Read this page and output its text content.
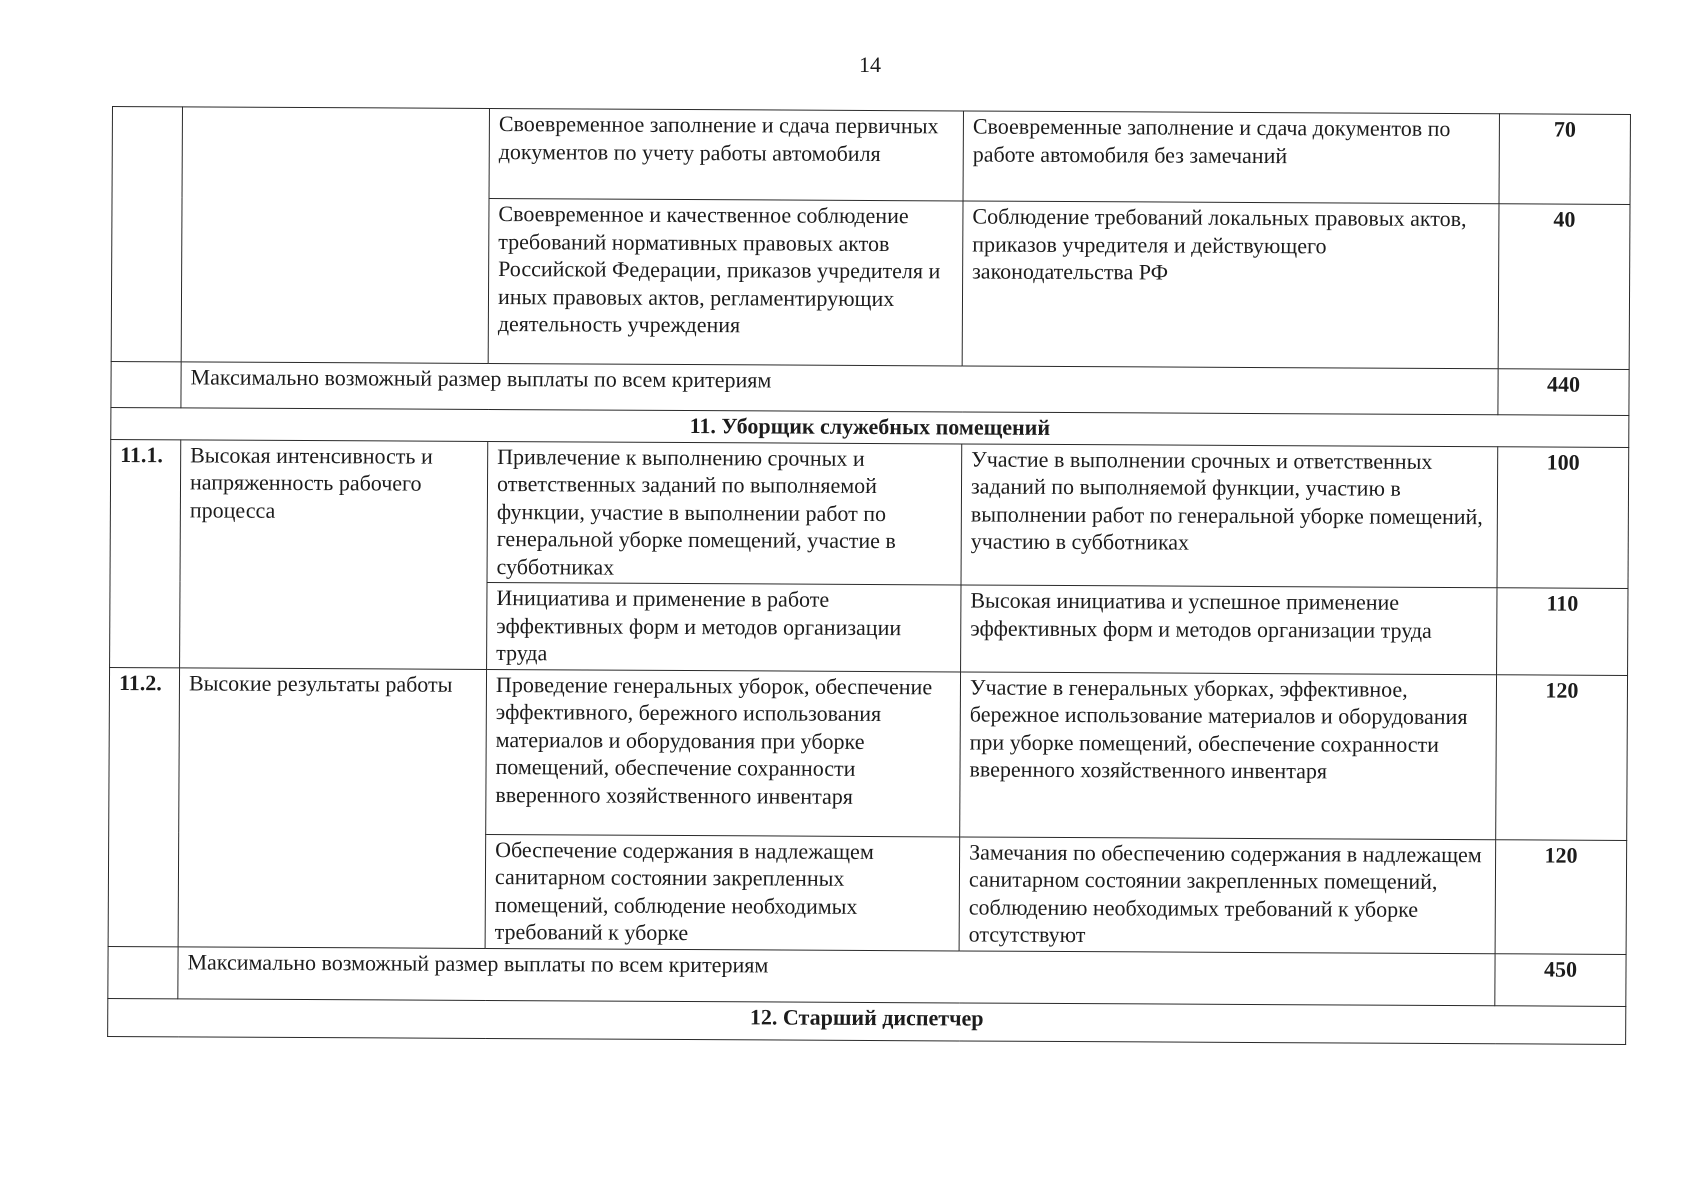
14
		Своевременное заполнение и сдача первичных документов по учету работы автомобиля	Своевременные заполнение и сдача документов по работе автомобиля без замечаний	70
		Своевременное и качественное соблюдение требований нормативных правовых актов Российской Федерации, приказов учредителя и иных правовых актов, регламентирующих деятельность учреждения	Соблюдение требований локальных правовых актов, приказов учредителя и действующего законодательства РФ	40
	Максимально возможный размер выплаты по всем критериям			440
11. Уборщик служебных помещений				
11.1.	Высокая интенсивность и напряженность рабочего процесса	Привлечение к выполнению срочных и ответственных заданий по выполняемой функции, участие в выполнении работ по генеральной уборке помещений, участие в субботниках	Участие в выполнении срочных и ответственных заданий по выполняемой функции, участию в выполнении работ по генеральной уборке помещений, участию в субботниках	100
		Инициатива и применение в работе эффективных форм и методов организации труда	Высокая инициатива и успешное применение эффективных форм и методов организации труда	110
11.2.	Высокие результаты работы	Проведение генеральных уборок, обеспечение эффективного, бережного использования материалов и оборудования при уборке помещений, обеспечение сохранности вверенного хозяйственного инвентаря	Участие в генеральных уборках, эффективное, бережное использование материалов и оборудования при уборке помещений, обеспечение сохранности вверенного хозяйственного инвентаря	120
		Обеспечение содержания в надлежащем санитарном состоянии закрепленных помещений, соблюдение необходимых требований к уборке	Замечания по обеспечению содержания в надлежащем санитарном состоянии закрепленных помещений, соблюдению необходимых требований к уборке отсутствуют	120
	Максимально возможный размер выплаты по всем критериям			450
12. Старший диспетчер				
